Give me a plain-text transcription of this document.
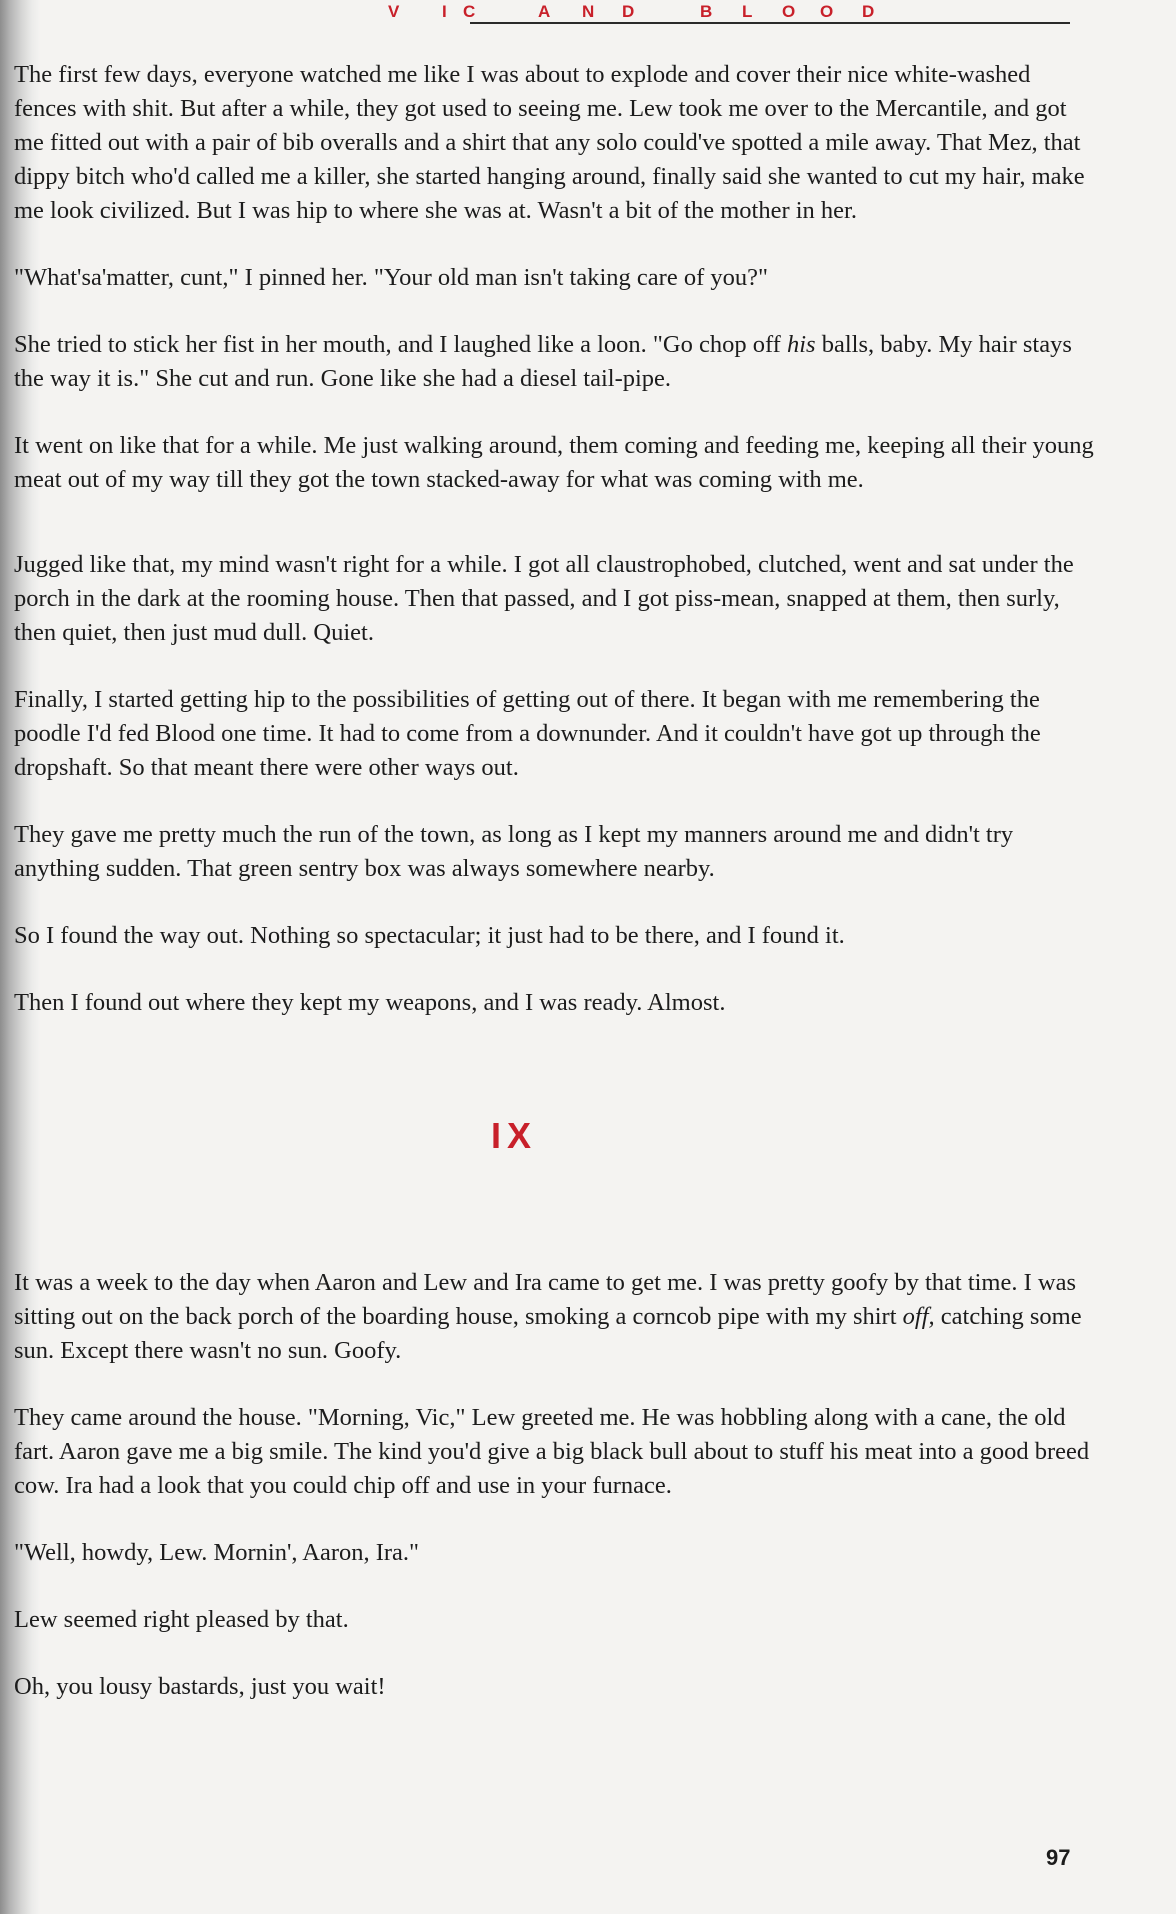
V	I C	A N D	B L O O D
The first few days, everyone watched me like I was about to explode and cover their nice white-washed fences with shit. But after a while, they got used to seeing me. Lew took me over to the Mercantile, and got me fitted out with a pair of bib overalls and a shirt that any solo could've spotted a mile away. That Mez, that dippy bitch who'd called me a killer, she started hanging around, finally said she wanted to cut my hair, make me look civilized. But I was hip to where she was at. Wasn't a bit of the mother in her.
"What'sa'matter, cunt," I pinned her. "Your old man isn't taking care of you?"
She tried to stick her fist in her mouth, and I laughed like a loon. "Go chop off his balls, baby. My hair stays the way it is." She cut and run. Gone like she had a diesel tail-pipe.
It went on like that for a while. Me just walking around, them coming and feeding me, keeping all their young meat out of my way till they got the town stacked-away for what was coming with me.
Jugged like that, my mind wasn't right for a while. I got all claustrophobed, clutched, went and sat under the porch in the dark at the rooming house. Then that passed, and I got piss-mean, snapped at them, then surly, then quiet, then just mud dull. Quiet.
Finally, I started getting hip to the possibilities of getting out of there. It began with me remembering the poodle I'd fed Blood one time. It had to come from a downunder. And it couldn't have got up through the dropshaft. So that meant there were other ways out.
They gave me pretty much the run of the town, as long as I kept my manners around me and didn't try anything sudden. That green sentry box was always somewhere nearby.
So I found the way out. Nothing so spectacular; it just had to be there, and I found it.
Then I found out where they kept my weapons, and I was ready. Almost.
IX
It was a week to the day when Aaron and Lew and Ira came to get me. I was pretty goofy by that time. I was sitting out on the back porch of the boarding house, smoking a corncob pipe with my shirt off, catching some sun. Except there wasn't no sun. Goofy.
They came around the house. "Morning, Vic," Lew greeted me. He was hobbling along with a cane, the old fart. Aaron gave me a big smile. The kind you'd give a big black bull about to stuff his meat into a good breed cow. Ira had a look that you could chip off and use in your furnace.
"Well, howdy, Lew. Mornin', Aaron, Ira."
Lew seemed right pleased by that.
Oh, you lousy bastards, just you wait!
97
